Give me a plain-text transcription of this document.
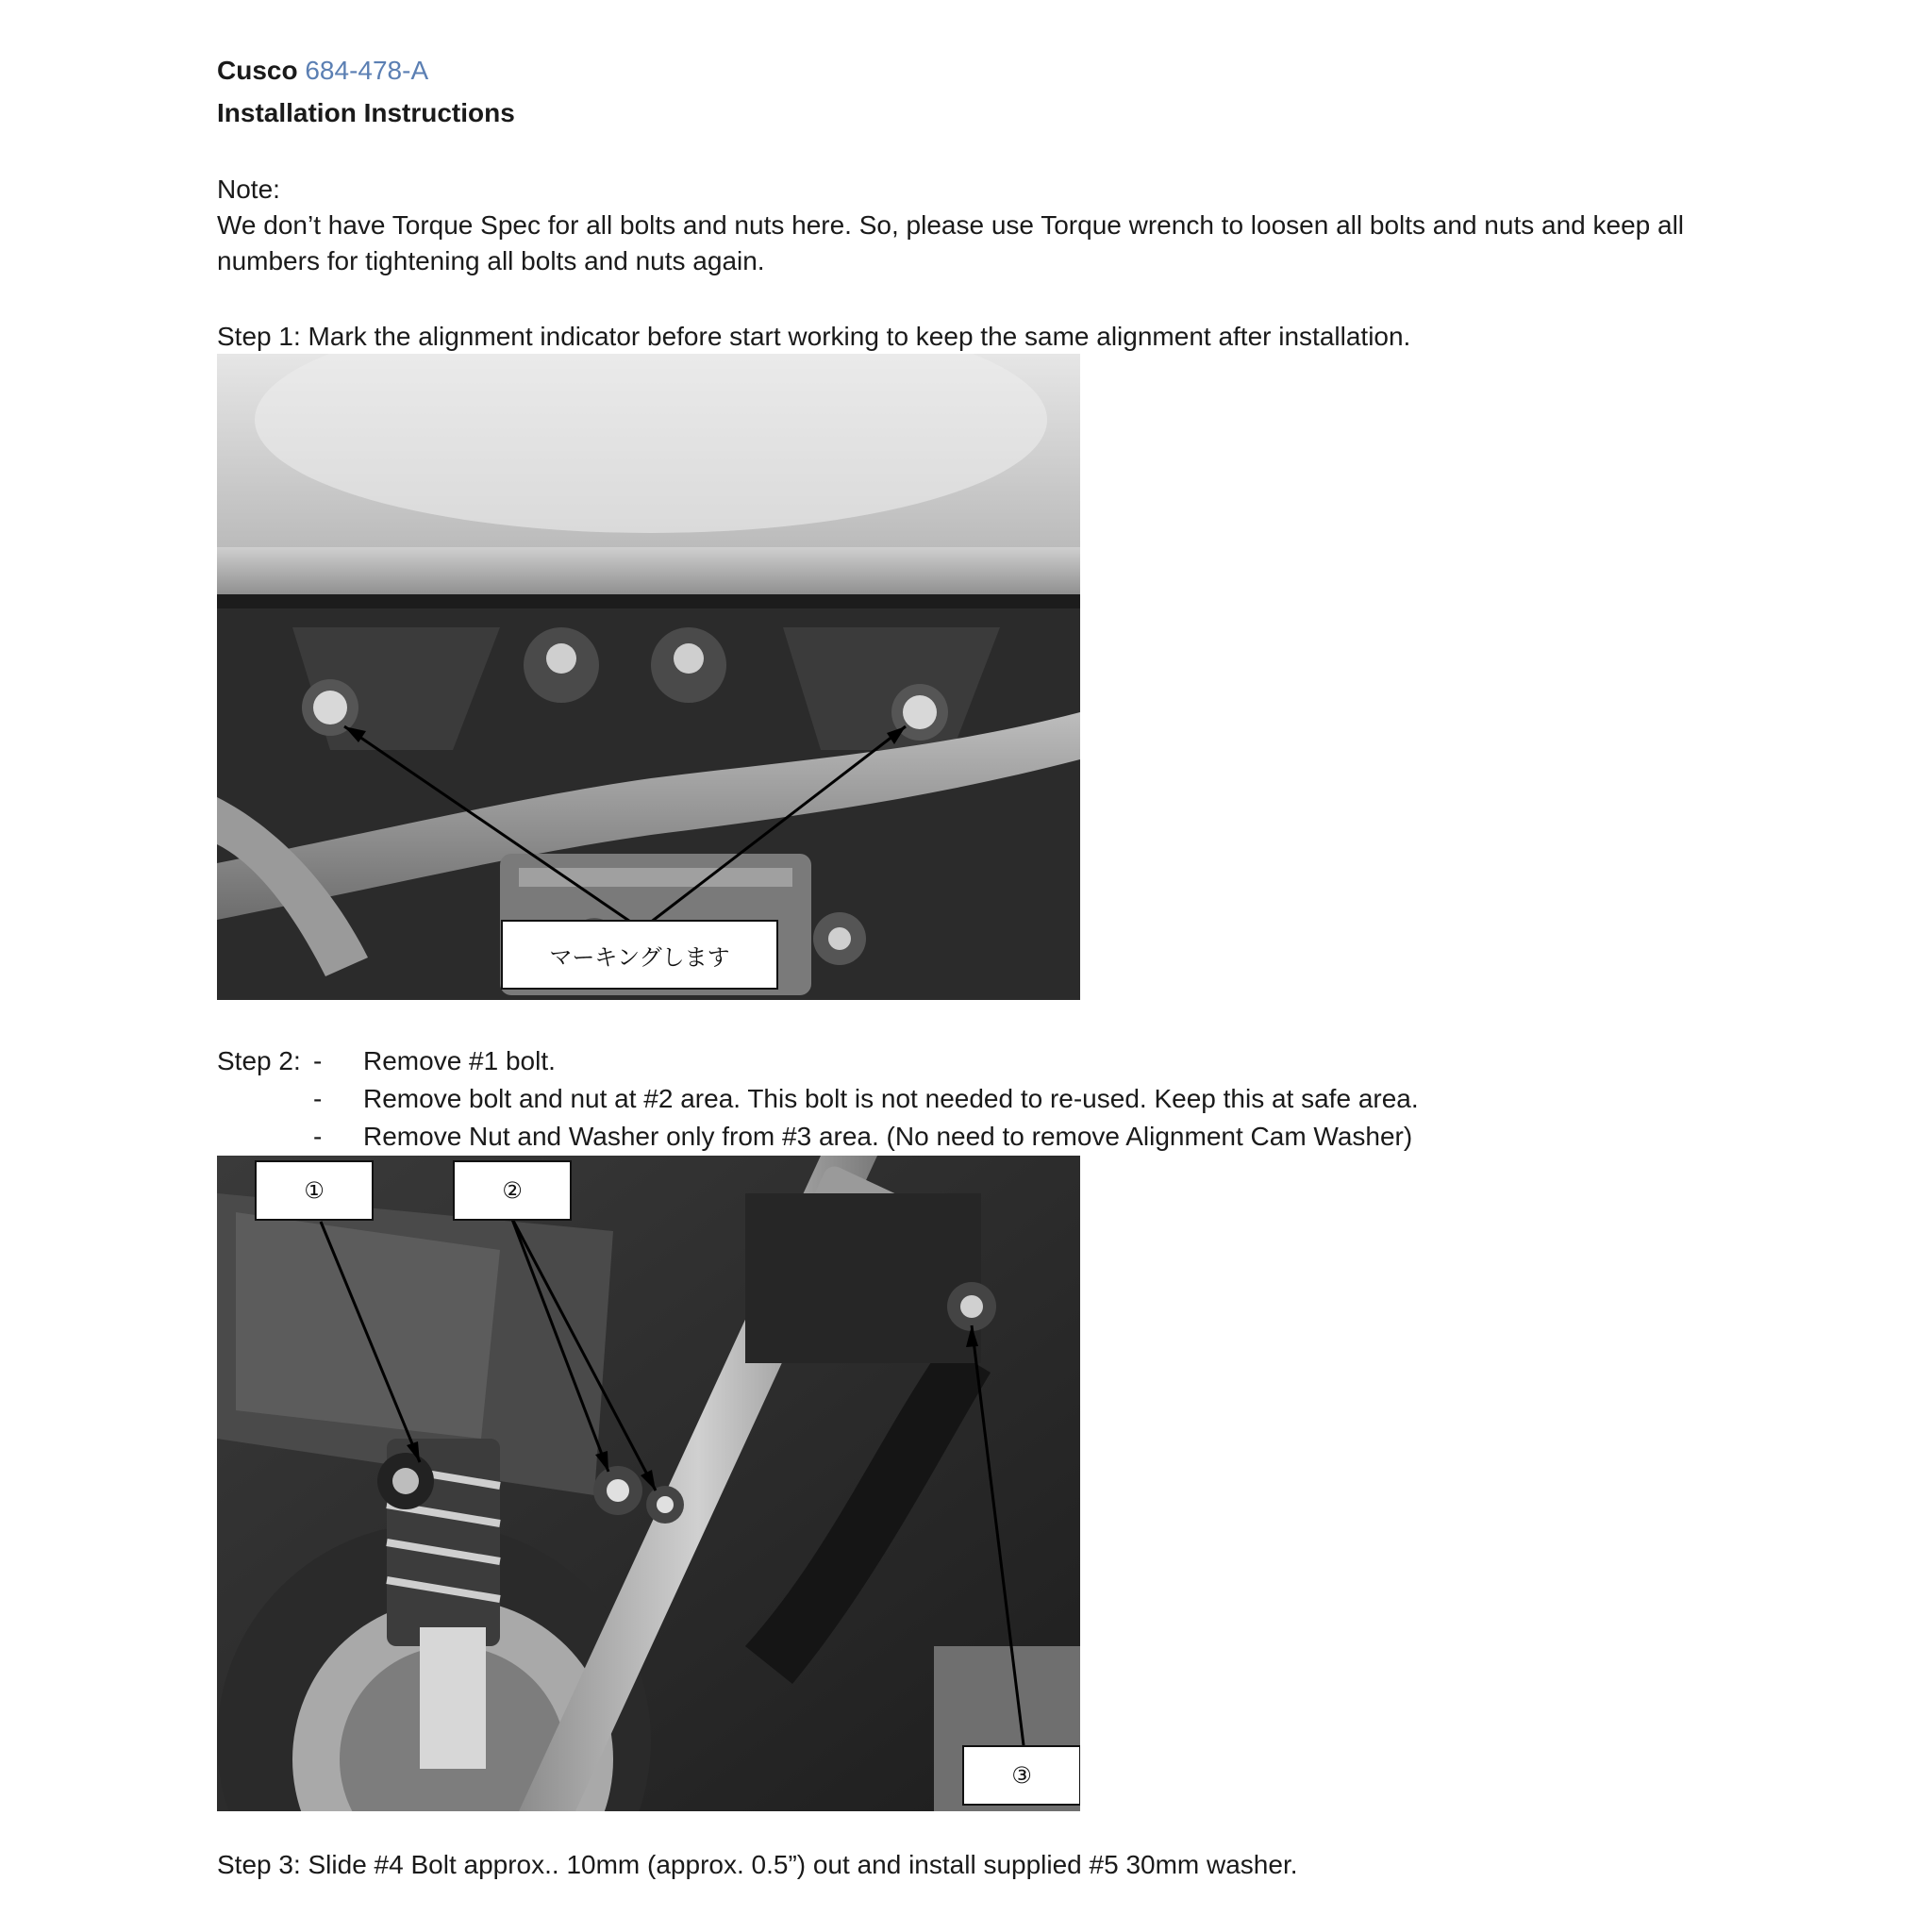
Cusco 684-478-A
Installation Instructions
Note:
We don’t have Torque Spec for all bolts and nuts here. So, please use Torque wrench to loosen all bolts and nuts and keep all
numbers for tightening all bolts and nuts again.
Step 1: Mark the alignment indicator before start working to keep the same alignment after installation.
マーキングします
Step 2: - Remove #1 bolt.
- Remove bolt and nut at #2 area. This bolt is not needed to re-used. Keep this at safe area.
- Remove Nut and Washer only from #3 area. (No need to remove Alignment Cam Washer)
①	②
③
Step 3: Slide #4 Bolt approx.. 10mm (approx. 0.5”) out and install supplied #5 30mm washer.
